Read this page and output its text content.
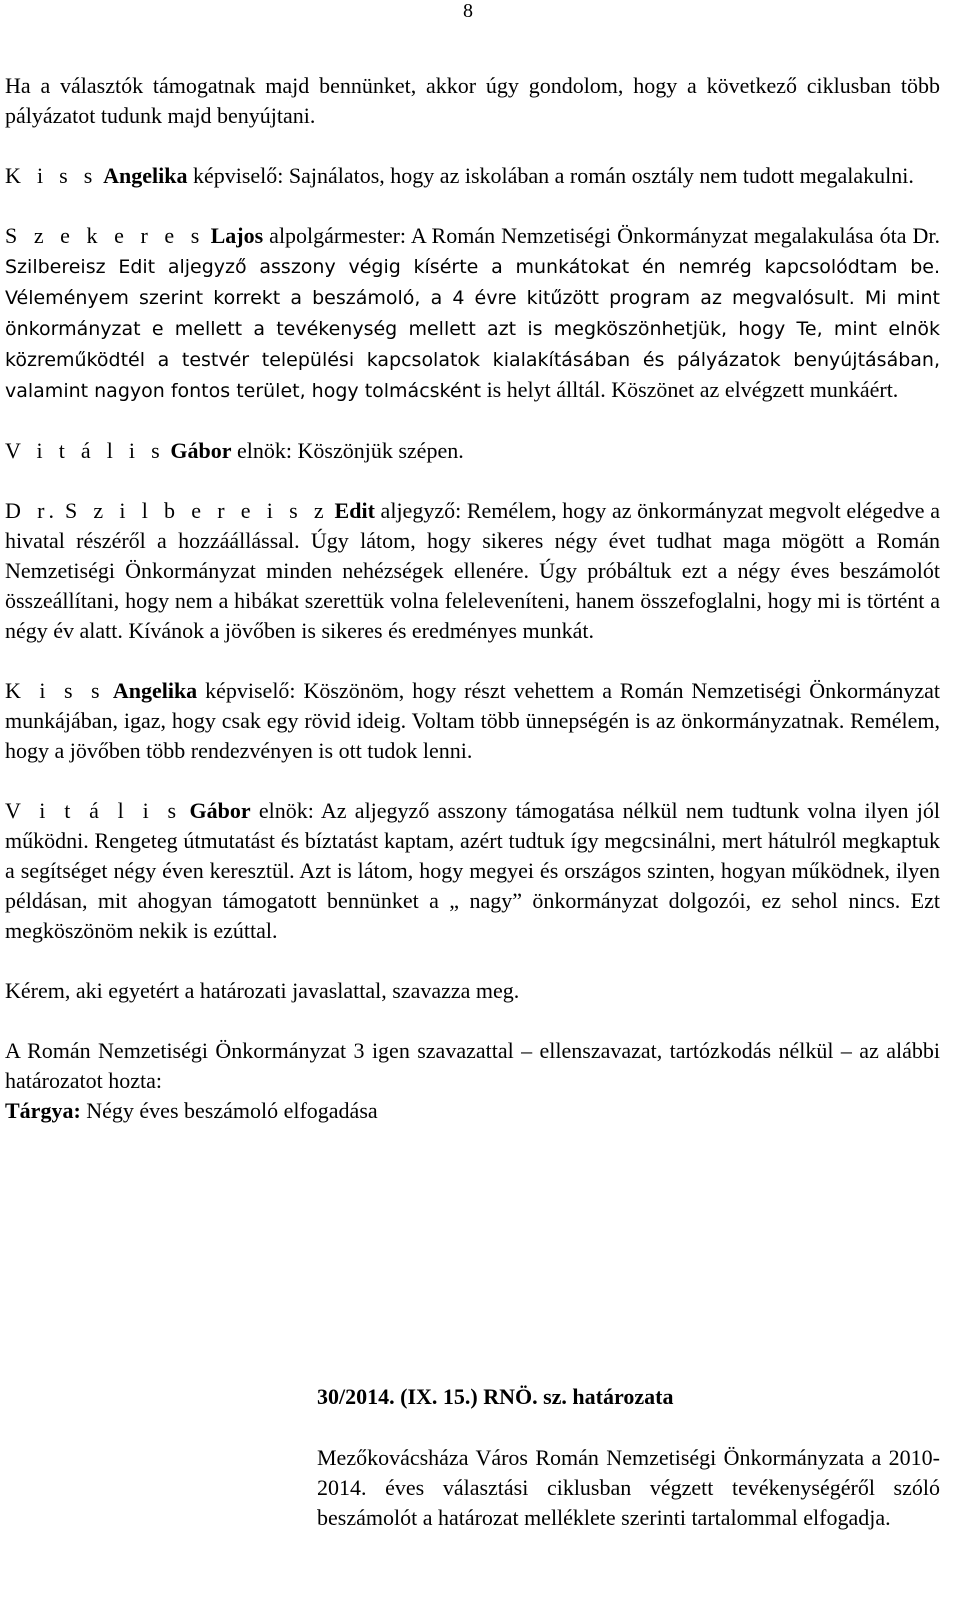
8

Ha a választók támogatnak majd bennünket, akkor úgy gondolom, hogy a következő ciklusban több pályázatot tudunk majd benyújtani.

K i s s Angelika képviselő: Sajnálatos, hogy az iskolában a román osztály nem tudott megalakulni.

S z e k e r e s Lajos alpolgármester: A Román Nemzetiségi Önkormányzat megalakulása óta Dr. Szilbereisz Edit aljegyző asszony végig kísérte a munkátokat én nemrég kapcsolódtam be. Véleményem szerint korrekt a beszámoló, a 4 évre kitűzött program az megvalósult. Mi mint önkormányzat e mellett a tevékenység mellett azt is megköszönhetjük, hogy Te, mint elnök közreműködtél a testvér települési kapcsolatok kialakításában és pályázatok benyújtásában, valamint nagyon fontos terület, hogy tolmácsként is helyt álltál. Köszönet az elvégzett munkáért.

V i t á l i s Gábor elnök: Köszönjük szépen.

D r. S z i l b e r e i s z Edit aljegyző: Remélem, hogy az önkormányzat megvolt elégedve a hivatal részéről a hozzáállással. Úgy látom, hogy sikeres négy évet tudhat maga mögött a Román Nemzetiségi Önkormányzat minden nehézségek ellenére. Úgy próbáltuk ezt a négy éves beszámolót összeállítani, hogy nem a hibákat szerettük volna feleleveníteni, hanem összefoglalni, hogy mi is történt a négy év alatt. Kívánok a jövőben is sikeres és eredményes munkát.

K i s s Angelika képviselő: Köszönöm, hogy részt vehettem a Román Nemzetiségi Önkormányzat munkájában, igaz, hogy csak egy rövid ideig. Voltam több ünnepségén is az önkormányzatnak. Remélem, hogy a jövőben több rendezvényen is ott tudok lenni.

V i t á l i s Gábor elnök: Az aljegyző asszony támogatása nélkül nem tudtunk volna ilyen jól működni. Rengeteg útmutatást és bíztatást kaptam, azért tudtuk így megcsinálni, mert hátulról megkaptuk a segítséget négy éven keresztül. Azt is látom, hogy megyei és országos szinten, hogyan működnek, ilyen példásan, mit ahogyan támogatott bennünket a „ nagy” önkormányzat dolgozói, ez sehol nincs. Ezt megköszönöm nekik is ezúttal.

Kérem, aki egyetért a határozati javaslattal, szavazza meg.

A Román Nemzetiségi Önkormányzat 3 igen szavazattal – ellenszavazat, tartózkodás nélkül – az alábbi határozatot hozta:

Tárgya: Négy éves beszámoló elfogadása
30/2014. (IX. 15.) RNÖ. sz. határozata
Mezőkovácsháza Város Román Nemzetiségi Önkormányzata a 2010-2014. éves választási ciklusban végzett tevékenységéről szóló beszámolót a határozat melléklete szerinti tartalommal elfogadja.
